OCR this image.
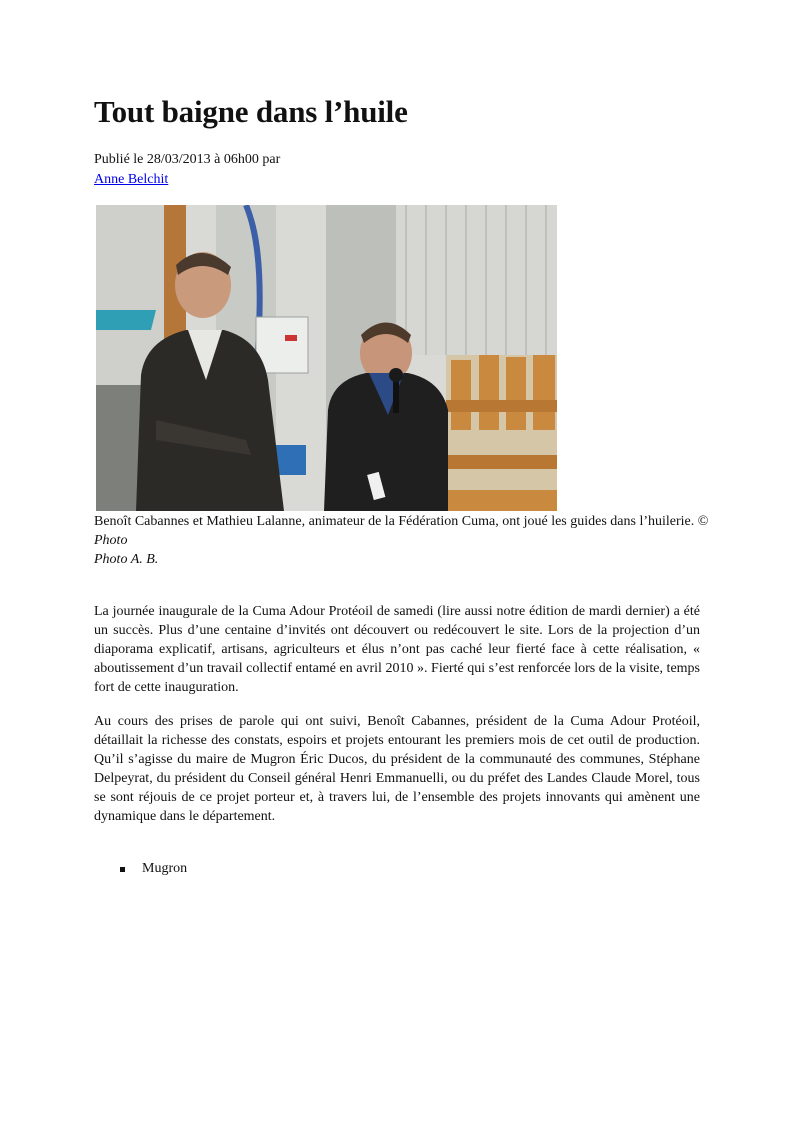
Tout baigne dans l’huile
Publié le 28/03/2013 à 06h00 par
Anne Belchit
Benoît Cabannes et Mathieu Lalanne, animateur de la Fédération Cuma, ont joué les guides dans l’huilerie. © Photo
Photo A. B.

La journée inaugurale de la Cuma Adour Protéoil de samedi (lire aussi notre édition de mardi dernier) a été un succès. Plus d’une centaine d’invités ont découvert ou redécouvert le site. Lors de la projection d’un diaporama explicatif, artisans, agriculteurs et élus n’ont pas caché leur fierté face à cette réalisation, « aboutissement d’un travail collectif entamé en avril 2010 ». Fierté qui s’est renforcée lors de la visite, temps fort de cette inauguration.

Au cours des prises de parole qui ont suivi, Benoît Cabannes, président de la Cuma Adour Protéoil, détaillait la richesse des constats, espoirs et projets entourant les premiers mois de cet outil de production. Qu’il s’agisse du maire de Mugron Éric Ducos, du président de la communauté des communes, Stéphane Delpeyrat, du président du Conseil général Henri Emmanuelli, ou du préfet des Landes Claude Morel, tous se sont réjouis de ce projet porteur et, à travers lui, de l’ensemble des projets innovants qui amènent une dynamique dans le département.

Mugron
